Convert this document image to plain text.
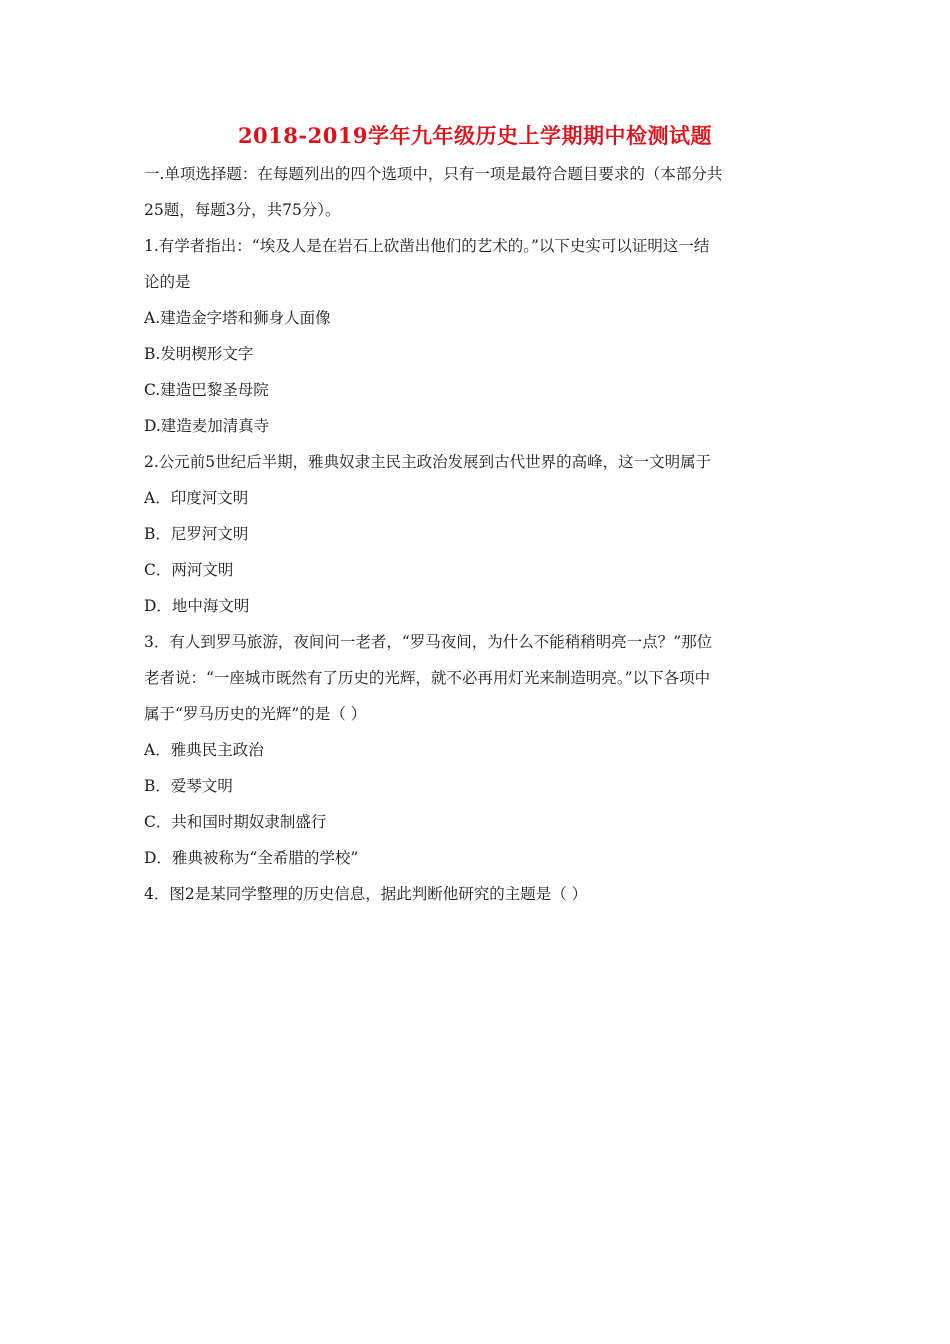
2018-2019学年九年级历史上学期期中检测试题
一.单项选择题：在每题列出的四个选项中，只有一项是最符合题目要求的（本部分共
25题，每题3分，共75分）。
1.有学者指出：“埃及人是在岩石上砍凿出他们的艺术的。”以下史实可以证明这一结
论的是
A.建造金字塔和狮身人面像
B.发明楔形文字
C.建造巴黎圣母院
D.建造麦加清真寺
2.公元前5世纪后半期，雅典奴隶主民主政治发展到古代世界的高峰，这一文明属于
A．印度河文明
B．尼罗河文明
C．两河文明
D．地中海文明
3．有人到罗马旅游，夜间问一老者，“罗马夜间，为什么不能稍稍明亮一点？”那位
老者说：“一座城市既然有了历史的光辉，就不必再用灯光来制造明亮。”以下各项中
属于“罗马历史的光辉”的是（ ）
A．雅典民主政治
B．爱琴文明
C．共和国时期奴隶制盛行
D．雅典被称为“全希腊的学校”
4．图2是某同学整理的历史信息，据此判断他研究的主题是（ ）
